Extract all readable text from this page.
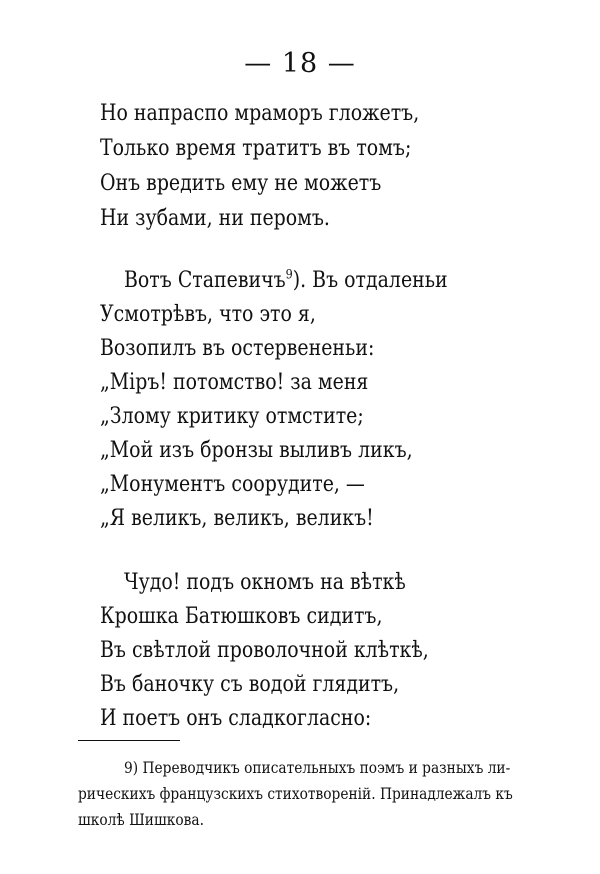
— 18 —
Но напраспо мраморъ гложетъ,
Только время тратитъ въ томъ;
Онъ вредить ему не можетъ
Ни зубами, ни перомъ.
Вотъ Стапевичъ$^9$). Въ отдаленьи
Усмотрѣвъ, что это я,
Возопилъ въ остервененьи:
„Міръ! потомство! за меня
„Злому критику отмстите;
„Мой изъ бронзы выливъ ликъ,
„Монументъ соорудите, —
„Я великъ, великъ, великъ!
Чудо! подъ окномъ на вѣткѣ
Крошка Батюшковъ сидитъ,
Въ свѣтлой проволочной клѣткѣ,
Въ баночку съ водой глядитъ,
И поетъ онъ сладкогласно:
9) Переводчикъ описательныхъ поэмъ и разныхъ ли-
рическихъ французскихъ стихотвореній. Принадлежалъ къ
школѣ Шишкова.
